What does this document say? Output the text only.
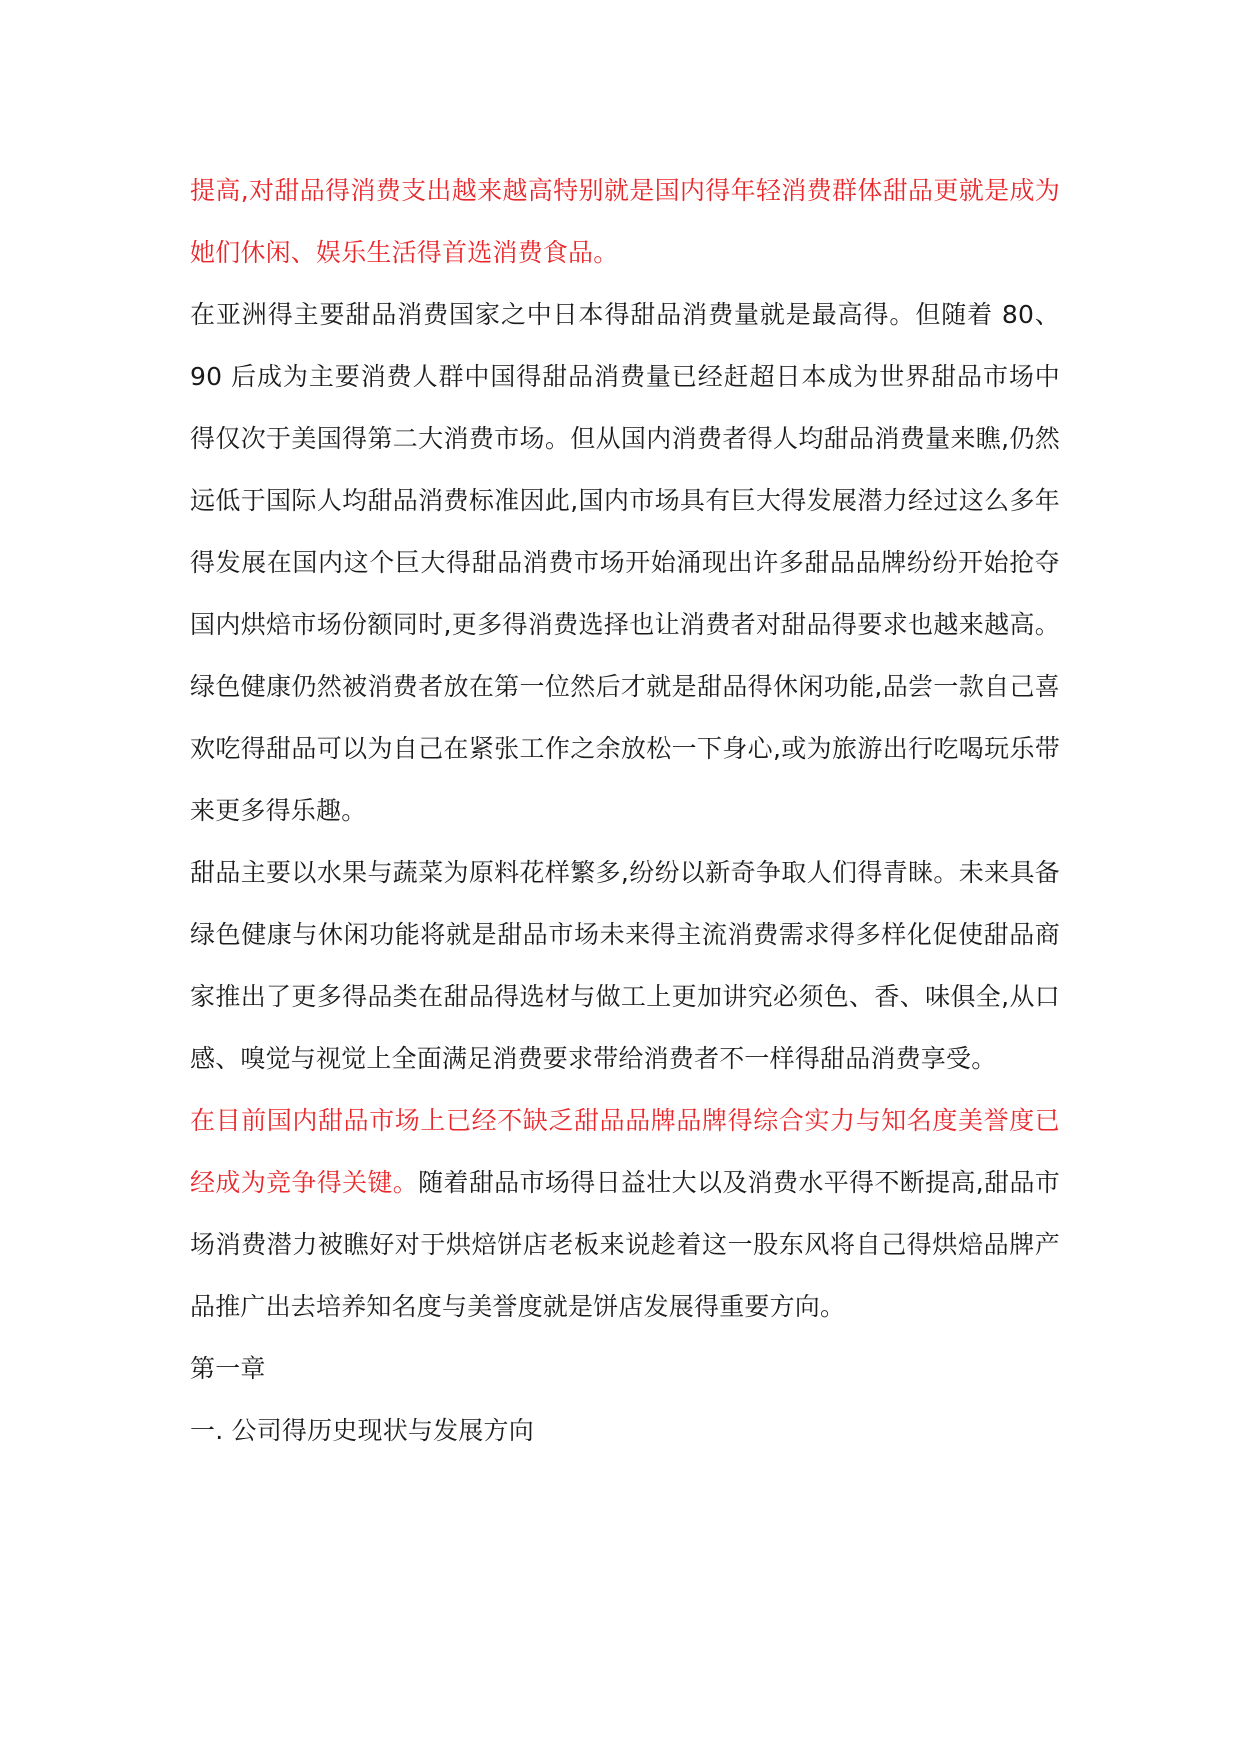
提高,对甜品得消费支出越来越高特别就是国内得年轻消费群体甜品更就是成为她们休闲、娱乐生活得首选消费食品。

在亚洲得主要甜品消费国家之中日本得甜品消费量就是最高得。但随着 80、90 后成为主要消费人群中国得甜品消费量已经赶超日本成为世界甜品市场中得仅次于美国得第二大消费市场。但从国内消费者得人均甜品消费量来瞧,仍然远低于国际人均甜品消费标准因此,国内市场具有巨大得发展潜力经过这么多年得发展在国内这个巨大得甜品消费市场开始涌现出许多甜品品牌纷纷开始抢夺国内烘焙市场份额同时,更多得消费选择也让消费者对甜品得要求也越来越高。绿色健康仍然被消费者放在第一位然后才就是甜品得休闲功能,品尝一款自己喜欢吃得甜品可以为自己在紧张工作之余放松一下身心,或为旅游出行吃喝玩乐带来更多得乐趣。

甜品主要以水果与蔬菜为原料花样繁多,纷纷以新奇争取人们得青睐。未来具备绿色健康与休闲功能将就是甜品市场未来得主流消费需求得多样化促使甜品商家推出了更多得品类在甜品得选材与做工上更加讲究必须色、香、味俱全,从口感、嗅觉与视觉上全面满足消费要求带给消费者不一样得甜品消费享受。

在目前国内甜品市场上已经不缺乏甜品品牌品牌得综合实力与知名度美誉度已经成为竞争得关键。随着甜品市场得日益壮大以及消费水平得不断提高,甜品市场消费潜力被瞧好对于烘焙饼店老板来说趁着这一股东风将自己得烘焙品牌产品推广出去培养知名度与美誉度就是饼店发展得重要方向。

第一章

一. 公司得历史现状与发展方向
